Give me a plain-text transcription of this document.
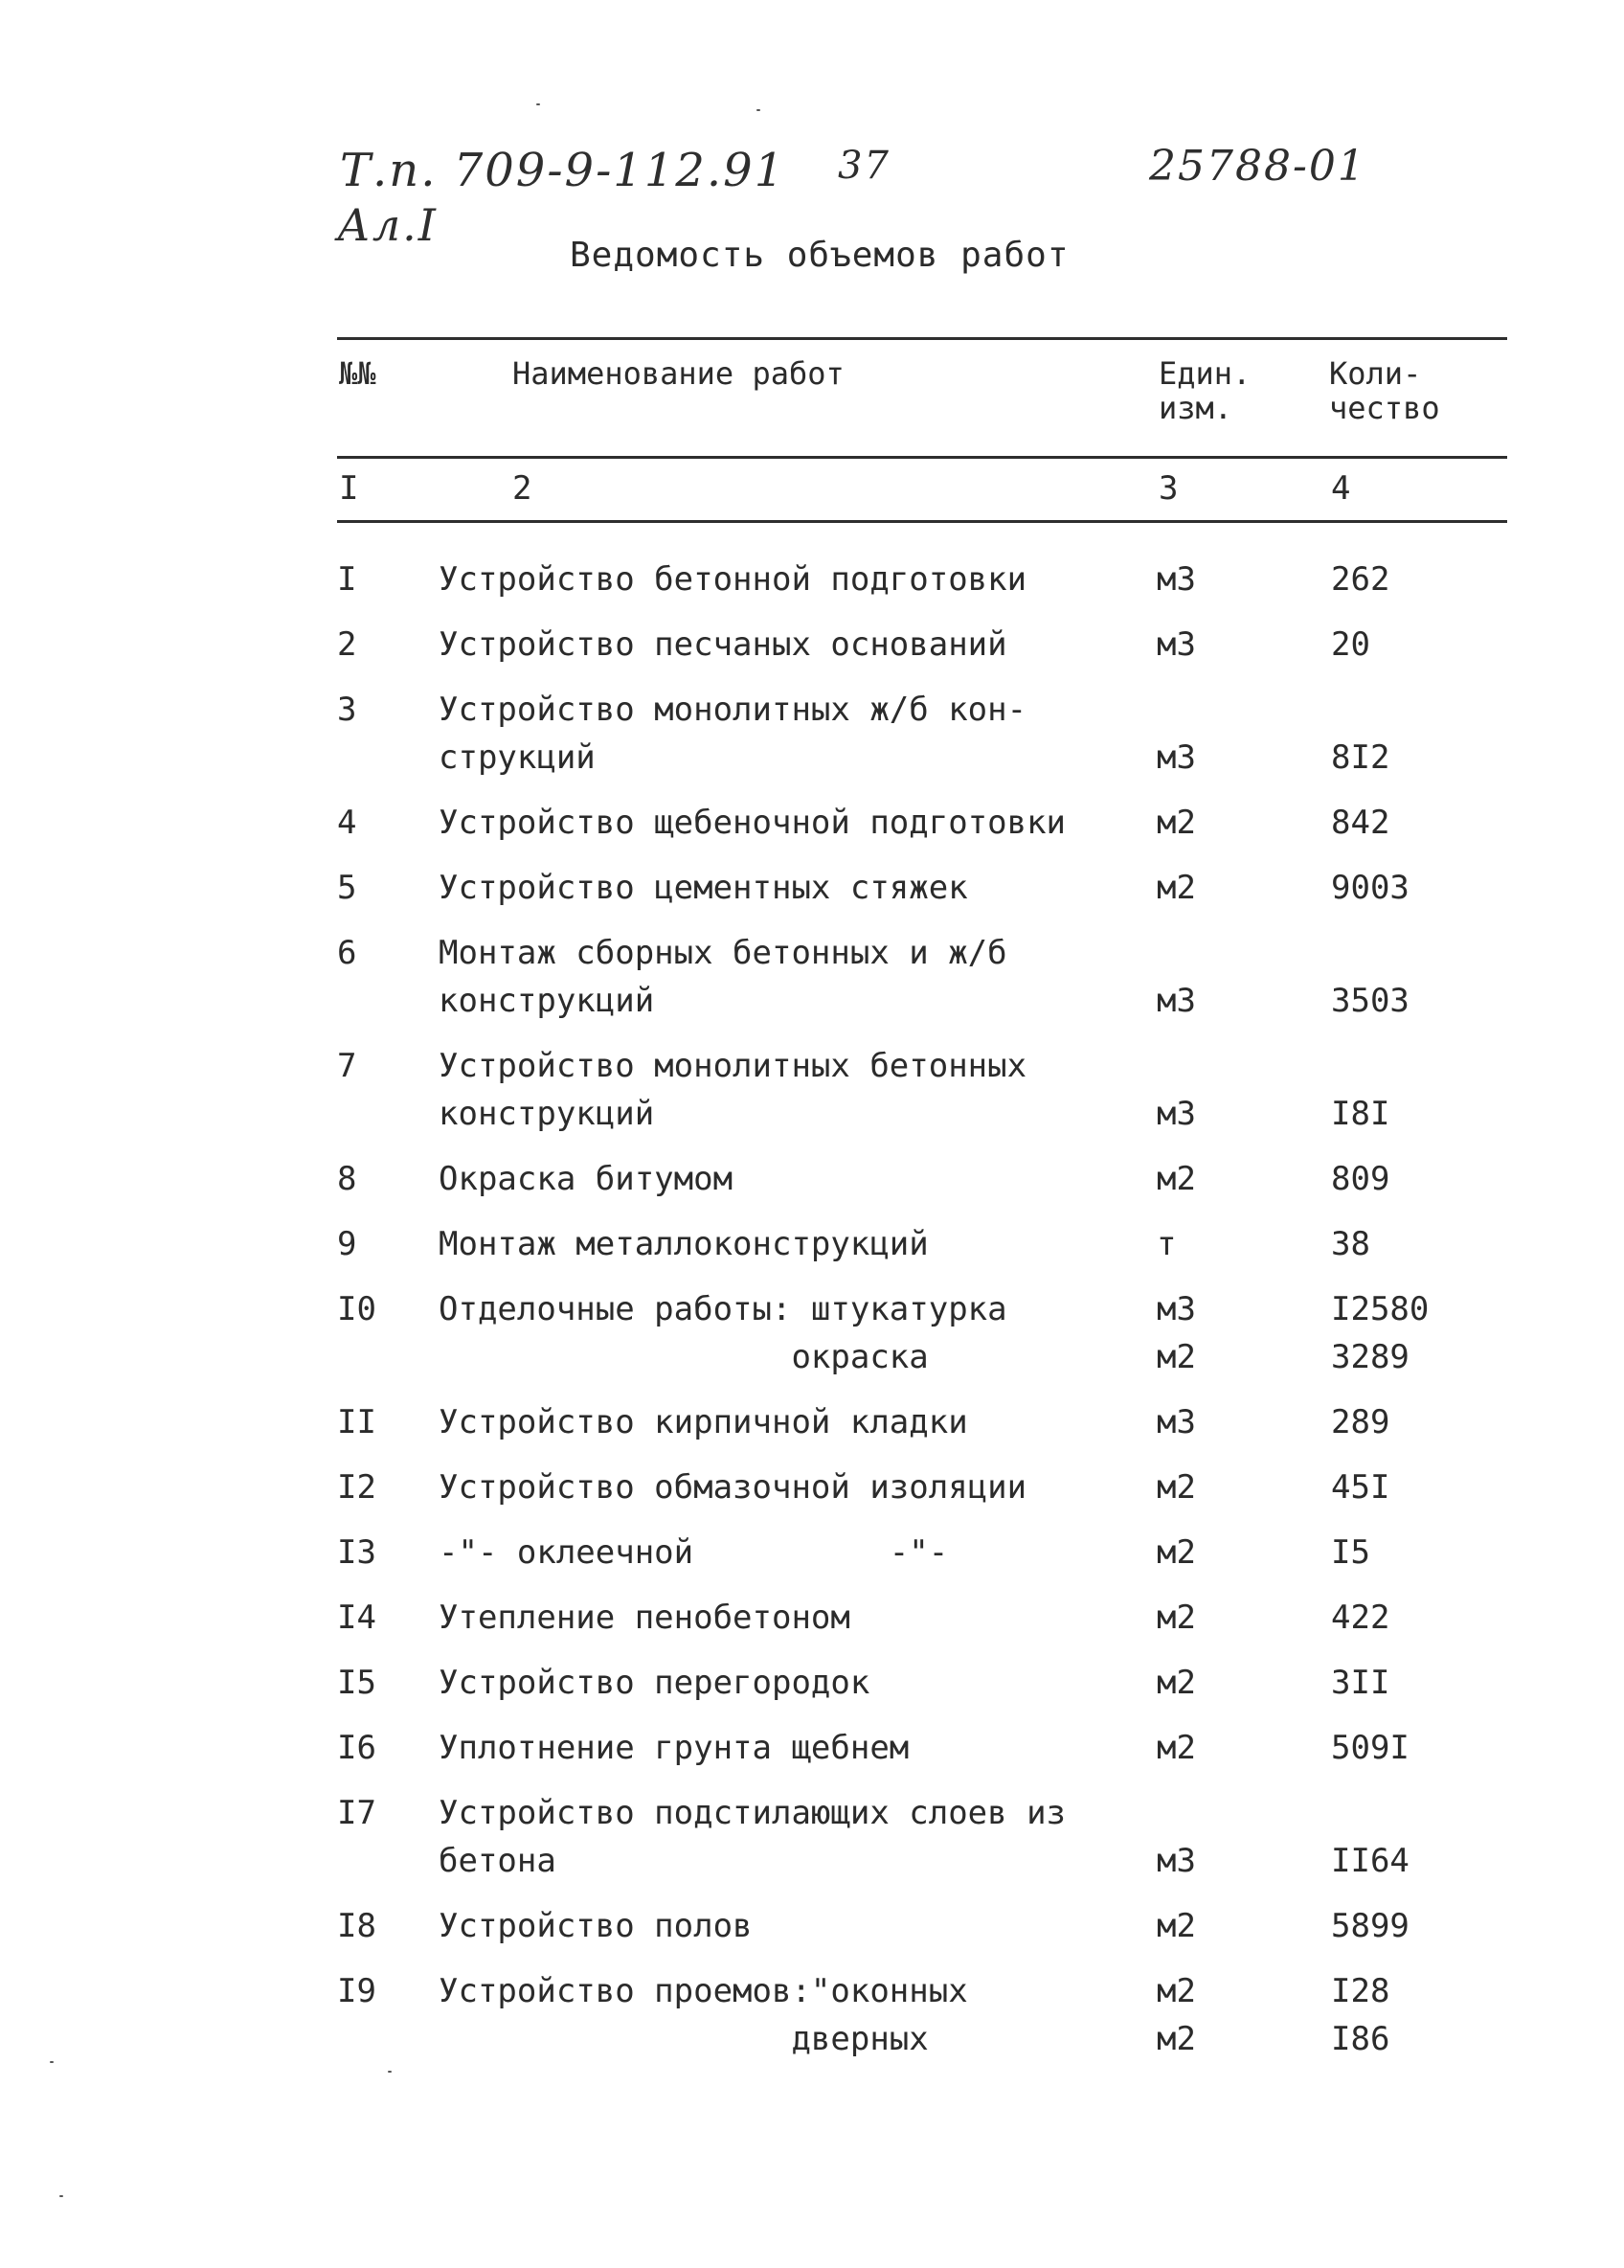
Т.п. 709-9-112.91 37	25788-01
Ал.I
Ведомость объемов работ
№№	Наименование работ	Един.
изм.
Коли-
чество
I	2	3	4
I	Устройство бетонной подготовки	м3	262
2	Устройство песчаных оснований	м3	20
3	Устройство монолитных ж/б кон-
струкций	м3	8I2
4	Устройство щебеночной подготовки	м2	842
5	Устройство цементных стяжек	м2	9003
6	Монтаж сборных бетонных и ж/б
конструкций	м3	3503
7	Устройство монолитных бетонных
конструкций	м3	I8I
8	Окраска битумом	м2	809
9	Монтаж металлоконструкций	т	38
I0 Отделочные работы: штукатурка
окраска
м3
м2
I2580
3289
II Устройство кирпичной кладки	м3	289
I2 Устройство обмазочной изоляции	м2	45I
I3 -"- оклеечной          -"-	м2	I5
I4 Утепление пенобетоном	м2	422
I5 Устройство перегородок	м2	3II
I6 Уплотнение грунта щебнем	м2	509I
I7 Устройство подстилающих слоев из
бетона	м3	II64
I8 Устройство полов	м2	5899
I9 Устройство проемов:"оконных
дверных
м2
м2
I28
I86
